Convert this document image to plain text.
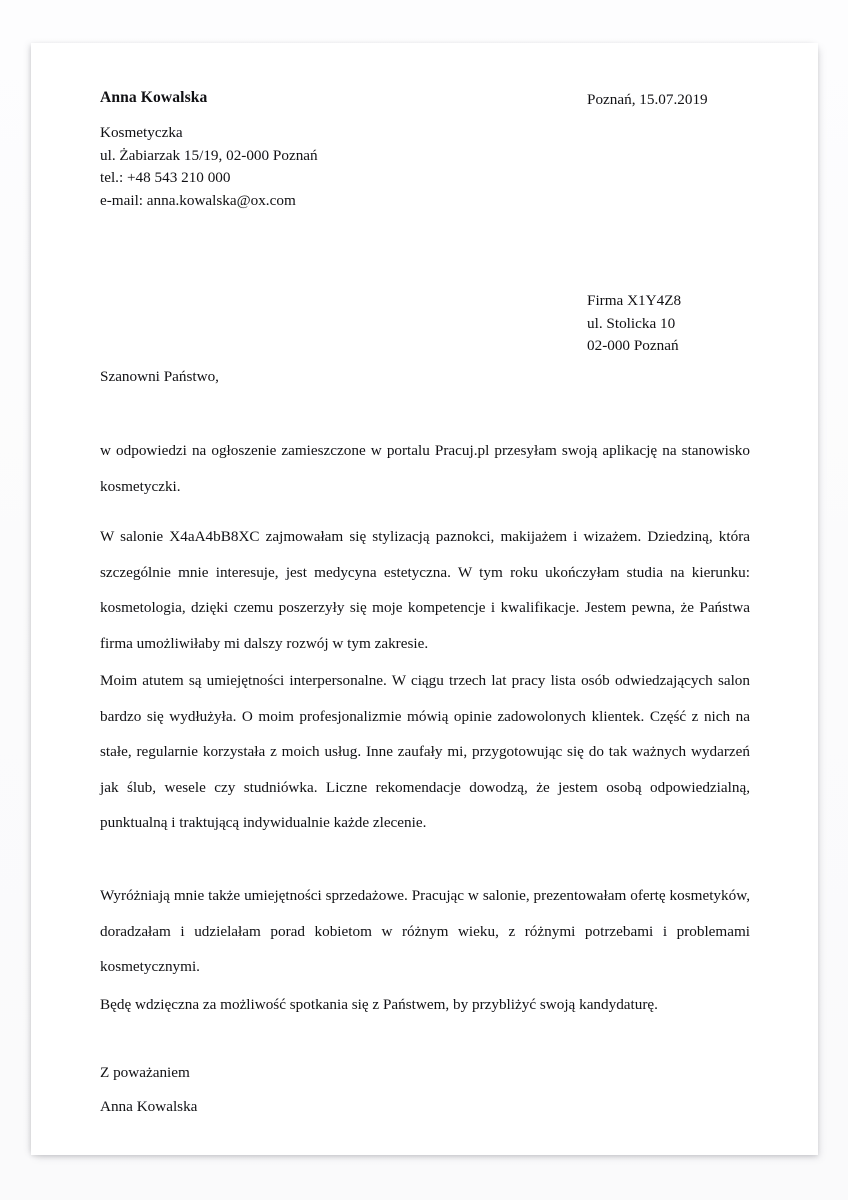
Anna Kowalska
Kosmetyczka
ul. Żabiarzak 15/19, 02-000 Poznań
tel.: +48 543 210 000
e-mail: anna.kowalska@ox.com
Poznań, 15.07.2019
Firma X1Y4Z8
ul. Stolicka 10
02-000 Poznań
Szanowni Państwo,

w odpowiedzi na ogłoszenie zamieszczone w portalu Pracuj.pl przesyłam swoją aplikację na stanowisko kosmetyczki.

W salonie X4aA4bB8XC zajmowałam się stylizacją paznokci, makijażem i wizażem. Dziedziną, która szczególnie mnie interesuje, jest medycyna estetyczna. W tym roku ukończyłam studia na kierunku: kosmetologia, dzięki czemu poszerzyły się moje kompetencje i kwalifikacje. Jestem pewna, że Państwa firma umożliwiłaby mi dalszy rozwój w tym zakresie.

Moim atutem są umiejętności interpersonalne. W ciągu trzech lat pracy lista osób odwiedzających salon bardzo się wydłużyła. O moim profesjonalizmie mówią opinie zadowolonych klientek. Część z nich na stałe, regularnie korzystała z moich usług. Inne zaufały mi, przygotowując się do tak ważnych wydarzeń jak ślub, wesele czy studniówka. Liczne rekomendacje dowodzą, że jestem osobą odpowiedzialną, punktualną i traktującą indywidualnie każde zlecenie.

Wyróżniają mnie także umiejętności sprzedażowe. Pracując w salonie, prezentowałam ofertę kosmetyków, doradzałam i udzielałam porad kobietom w różnym wieku, z różnymi potrzebami i problemami kosmetycznymi.

Będę wdzięczna za możliwość spotkania się z Państwem, by przybliżyć swoją kandydaturę.

Z poważaniem
Anna Kowalska
